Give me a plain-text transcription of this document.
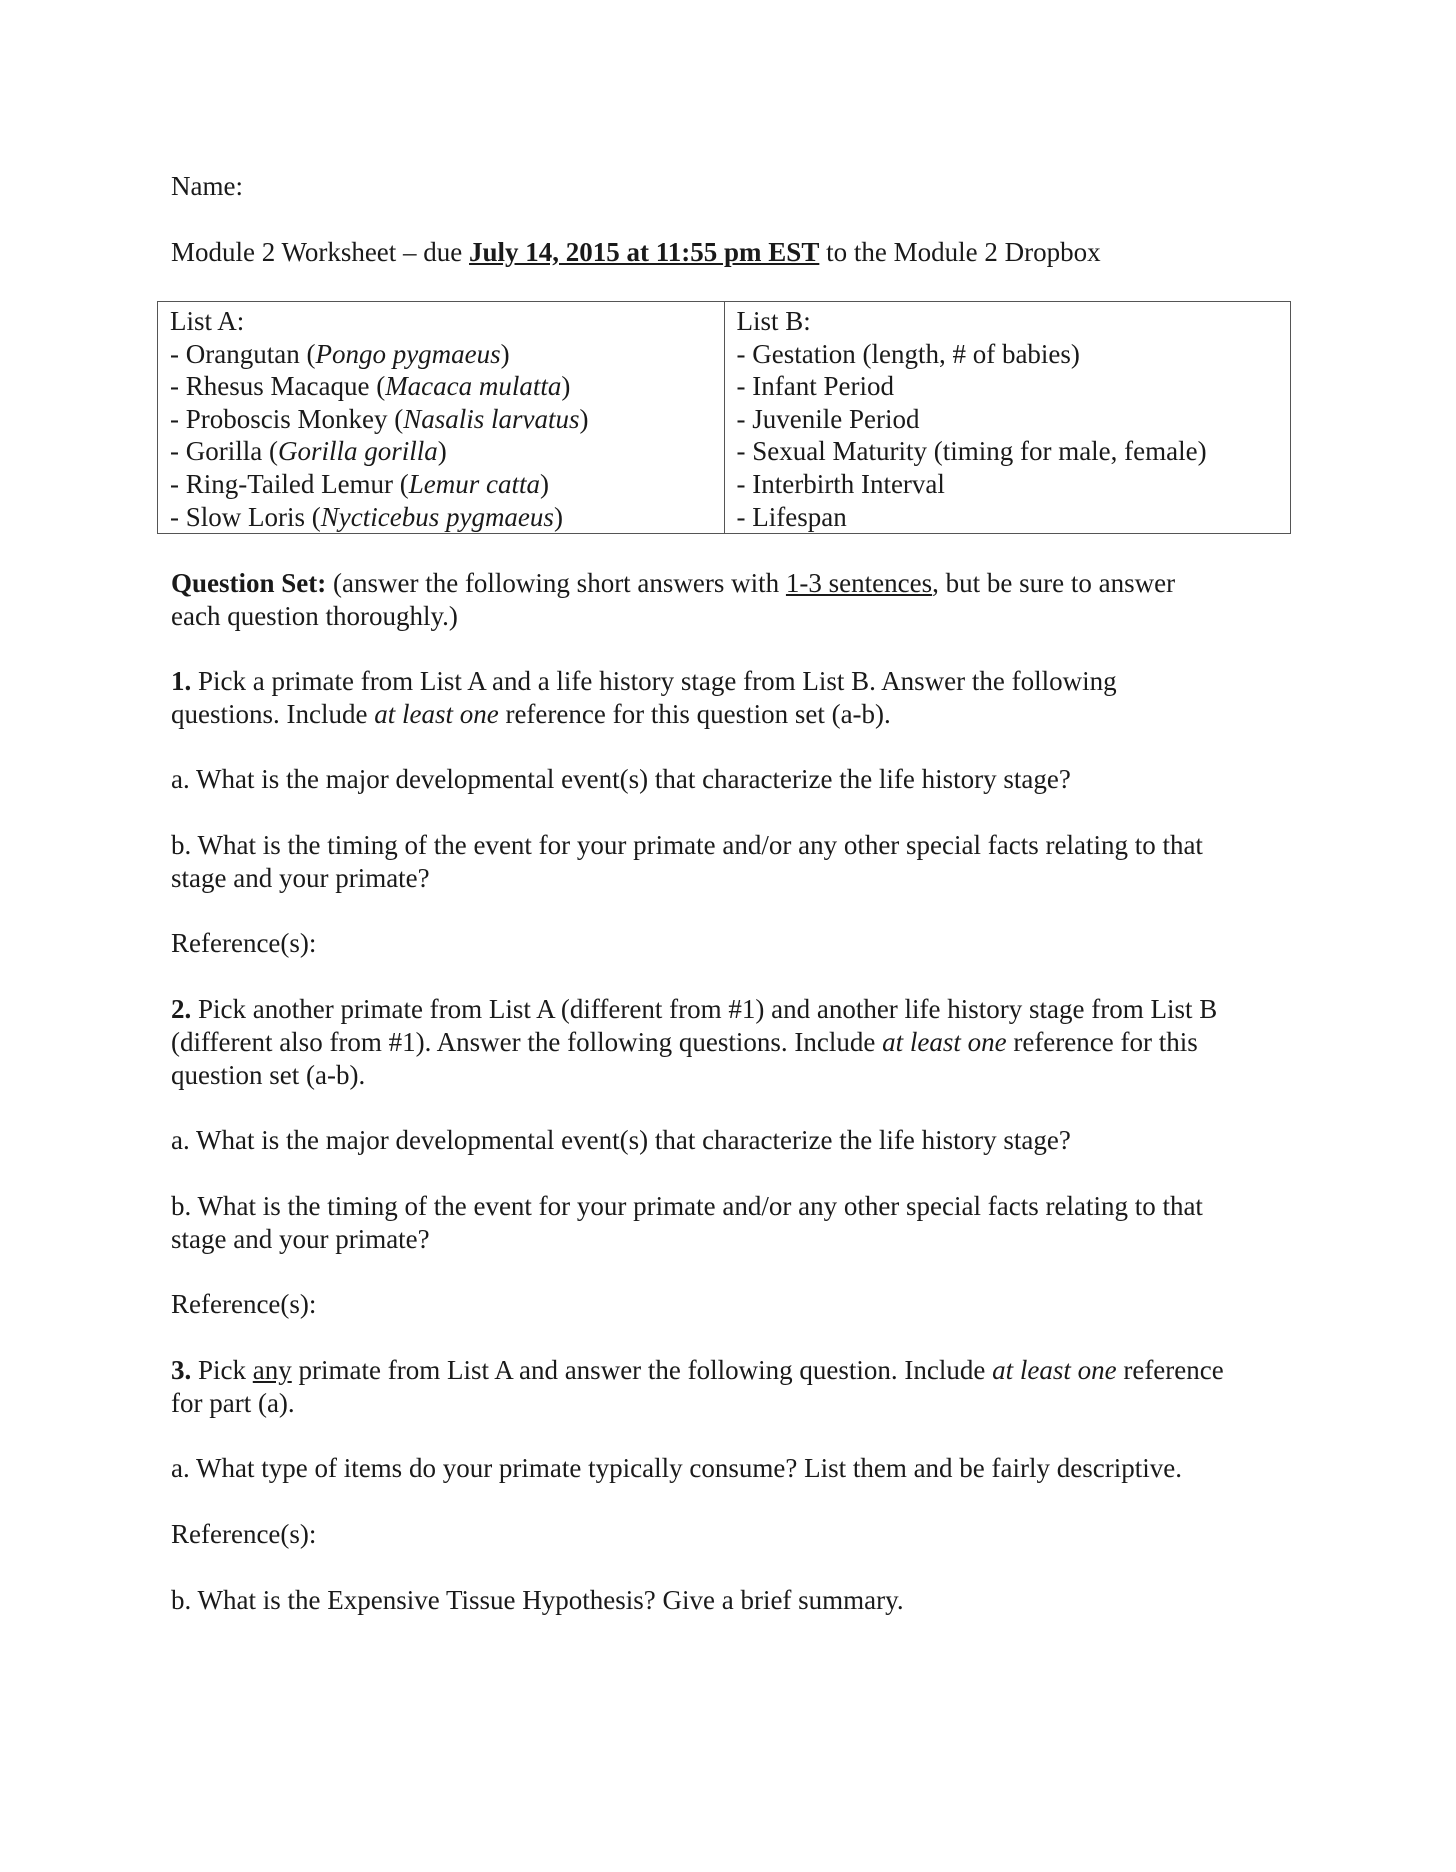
Name:

Module 2 Worksheet – due July 14, 2015 at 11:55 pm EST to the Module 2 Dropbox

List A:
- Orangutan (Pongo pygmaeus)
- Rhesus Macaque (Macaca mulatta)
- Proboscis Monkey (Nasalis larvatus)
- Gorilla (Gorilla gorilla)
- Ring-Tailed Lemur (Lemur catta)
- Slow Loris (Nycticebus pygmaeus)

List B:
- Gestation (length, # of babies)
- Infant Period
- Juvenile Period
- Sexual Maturity (timing for male, female)
- Interbirth Interval
- Lifespan

Question Set: (answer the following short answers with 1-3 sentences, but be sure to answer

each question thoroughly.)

1. Pick a primate from List A and a life history stage from List B. Answer the following

questions. Include at least one reference for this question set (a-b).

a. What is the major developmental event(s) that characterize the life history stage?

b. What is the timing of the event for your primate and/or any other special facts relating to that

stage and your primate?

Reference(s):

2. Pick another primate from List A (different from #1) and another life history stage from List B

(different also from #1). Answer the following questions. Include at least one reference for this

question set (a-b).

a. What is the major developmental event(s) that characterize the life history stage?

b. What is the timing of the event for your primate and/or any other special facts relating to that

stage and your primate?

Reference(s):

3. Pick any primate from List A and answer the following question. Include at least one reference

for part (a).

a. What type of items do your primate typically consume? List them and be fairly descriptive.

Reference(s):

b. What is the Expensive Tissue Hypothesis? Give a brief summary.
